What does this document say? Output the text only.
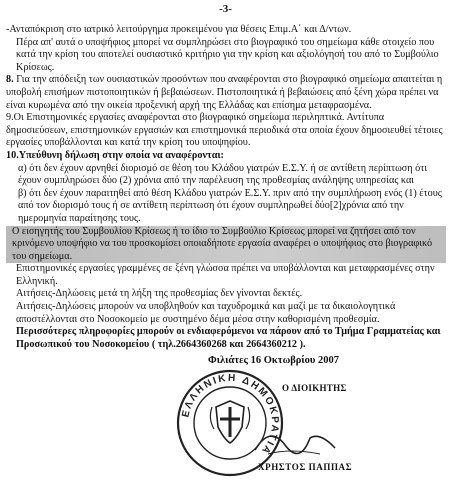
-3-

-Ανταπόκριση στο ιατρικό λειτούργημα προκειμένου για θέσεις Επιμ.Α΄ και Δ/ντων.

Πέρα απ' αυτά ο υποψήφιος μπορεί να συμπληρώσει στο βιογραφικό του σημείωμα κάθε στοιχείο που κατά την κρίση του αποτελεί ουσιαστικό κριτήριο για την κρίση και αξιολόγησή του από το Συμβούλιο Κρίσεως.

8. Για την απόδειξη των ουσιαστικών προσόντων που αναφέρονται στο βιογραφικό σημείωμα απαιτείται η υποβολή επισήμων πιστοποιητικών ή βεβαιώσεων. Πιστοποιητικά ή βεβαιώσεις από ξένη χώρα πρέπει να είναι κυρωμένα από την οικεία προξενική αρχή της Ελλάδας και επίσημα μεταφρασμένα.

9.Οι Επιστημονικές εργασίες αναφέρονται στο βιογραφικό σημείωμα περιληπτικά. Αντίτυπα δημοσιεύσεων, επιστημονικών εργασιών και επιστημονικά περιοδικά στα οποία έχουν δημοσιευθεί τέτοιες εργασίες υποβάλλονται και κατά την κρίση του υποψηφίου.

10.Υπεύθυνη δήλωση στην οποία να αναφέρονται:

α) ότι δεν έχουν αρνηθεί διορισμό σε θέση του Κλάδου γιατρών Ε.Σ.Υ. ή σε αντίθετη περίπτωση ότι έχουν συμπληρώσει δύο (2) χρόνια από την παρέλευση της προθεσμίας ανάληψης υπηρεσίας και

β) ότι δεν έχουν παραιτηθεί από θέση Κλάδου γιατρών Ε.Σ.Υ. πριν από την συμπλήρωση ενός (1) έτους από τον διορισμό τους ή σε αντίθετη περίπτωση ότι έχουν συμπληρωθεί δύο[2]χρόνια από την ημερομηνία παραίτησης τους.

Ο εισηγητής του Συμβουλίου Κρίσεως ή το ίδιο το Συμβούλιο Κρίσεως μπορεί να ζητήσει από τον κρινόμενο υποψήφιο να του προσκομίσει οποιαδήποτε εργασία αναφέρει ο υποψήφιος στο βιογραφικό του σημείωμα.

Επιστημονικές εργασίες γραμμένες σε ξένη γλώσσα πρέπει να υποβάλλονται και μεταφρασμένες στην Ελληνική.

Αιτήσεις-Δηλώσεις μετά τη λήξη της προθεσμίας δεν γίνονται δεκτές.

Αιτήσεις-Δηλώσεις μπορούν να υποβληθούν και ταχυδρομικά και μαζί με τα δικαιολογητικά αποστέλλονται στο Νοσοκομείο με συστημένο δέμα μέσα στην καθορισμένη προθεσμία.

Περισσότερες πληροφορίες μπορούν οι ενδιαφερόμενοι να πάρουν από το Τμήμα Γραμματείας και Προσωπικού του Νοσοκομείου ( τηλ.2664360268 και 2664360212 ).

Φιλιάτες 16 Οκτωβρίου 2007
ΕΛΛΗΝΙΚΗ ΔΗΜΟΚΡΑΤΙΑ
Ο ΔΙΟΙΚΗΤΗΣ
ΧΡΗΣΤΟΣ ΠΑΠΠΑΣ
